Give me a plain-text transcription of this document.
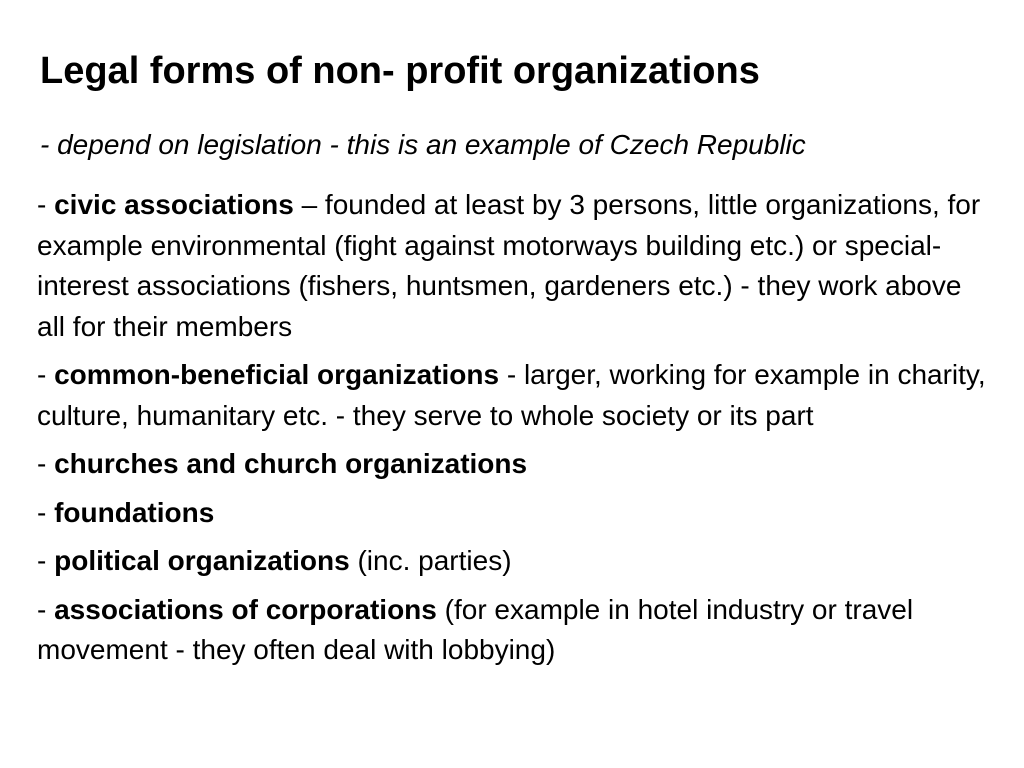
Legal forms of non- profit organizations

- depend on legislation - this is an example of Czech Republic

- civic associations – founded at least by 3 persons, little organizations, for example environmental (fight against motorways building etc.) or special-interest associations (fishers, huntsmen, gardeners etc.) - they work above all for their members
- common-beneficial organizations - larger, working for example in charity, culture, humanitary etc. - they serve to whole society or its part
- churches and church organizations
- foundations
- political organizations (inc. parties)
- associations of corporations (for example in hotel industry or travel movement - they often deal with lobbying)
